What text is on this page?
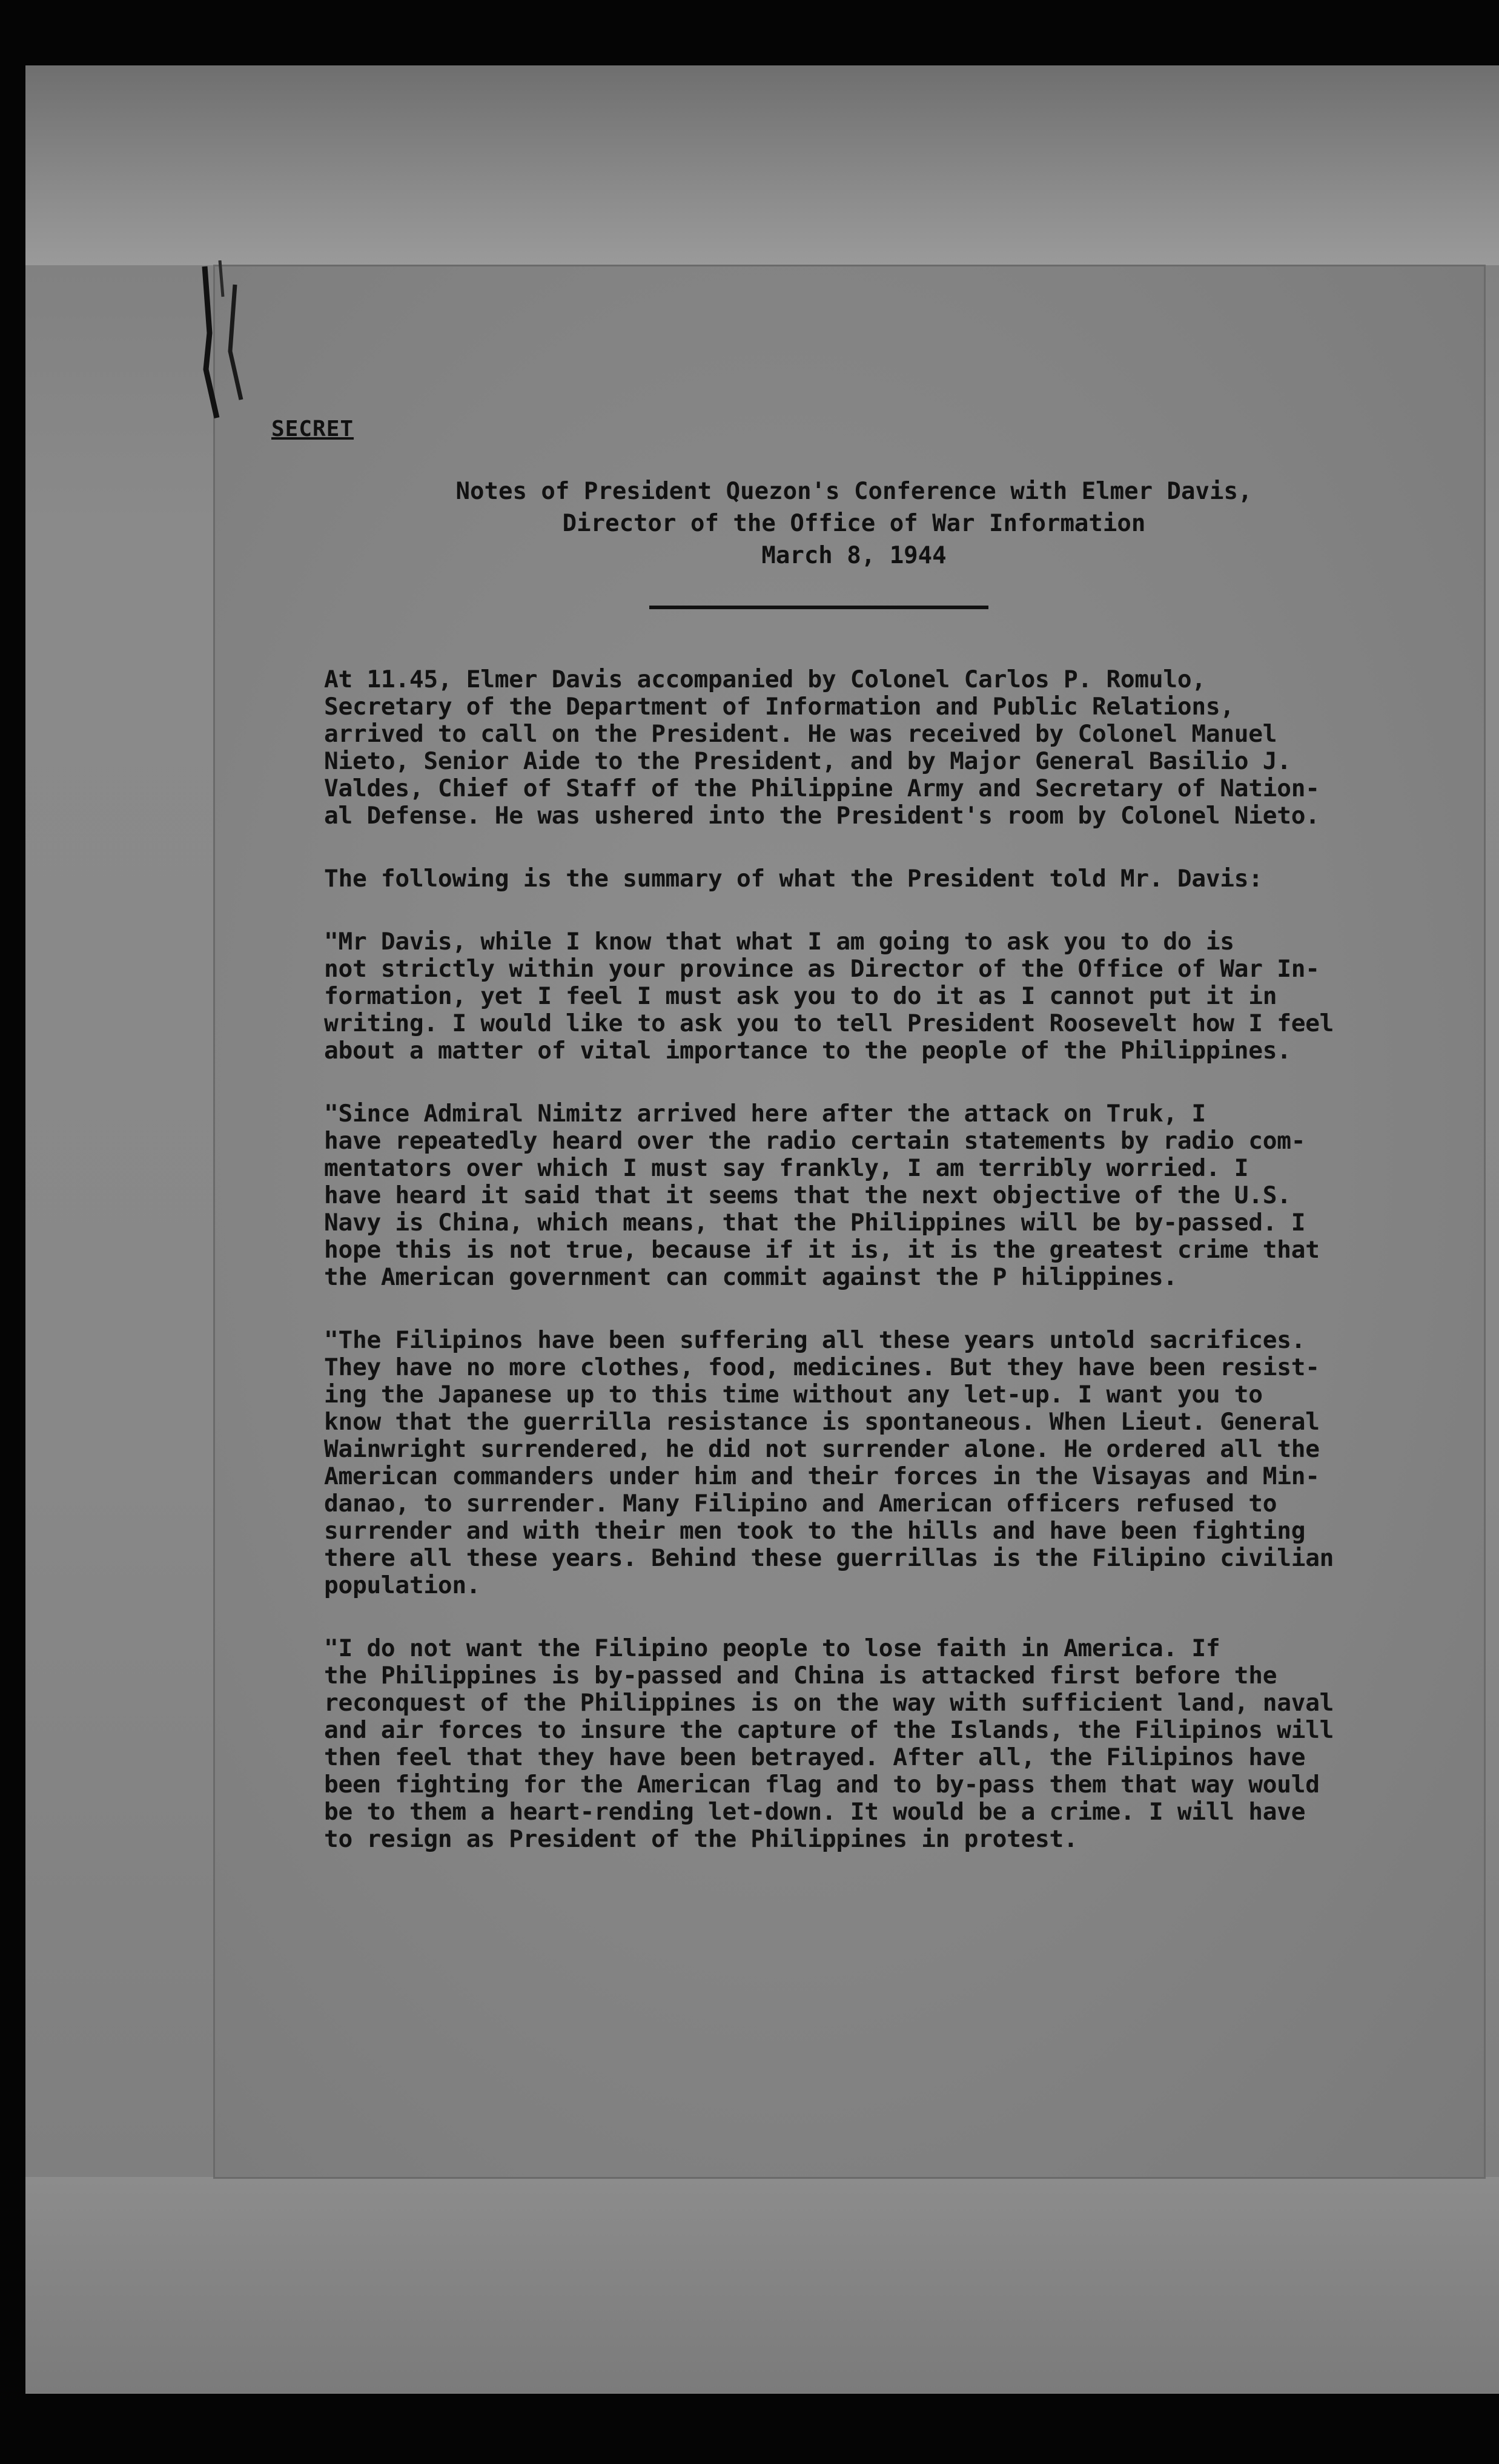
SECRET
Notes of President Quezon's Conference with Elmer Davis,
Director of the Office of War Information
March 8, 1944

At 11.45, Elmer Davis accompanied by Colonel Carlos P. Romulo,
Secretary of the Department of Information and Public Relations,
arrived to call on the President. He was received by Colonel Manuel
Nieto, Senior Aide to the President, and by Major General Basilio J.
Valdes, Chief of Staff of the Philippine Army and Secretary of Nation-
al Defense. He was ushered into the President's room by Colonel Nieto.

The following is the summary of what the President told Mr. Davis:

"Mr Davis, while I know that what I am going to ask you to do is
not strictly within your province as Director of the Office of War In-
formation, yet I feel I must ask you to do it as I cannot put it in
writing. I would like to ask you to tell President Roosevelt how I feel
about a matter of vital importance to the people of the Philippines.

"Since Admiral Nimitz arrived here after the attack on Truk, I
have repeatedly heard over the radio certain statements by radio com-
mentators over which I must say frankly, I am terribly worried. I
have heard it said that it seems that the next objective of the U.S.
Navy is China, which means, that the Philippines will be by-passed. I
hope this is not true, because if it is, it is the greatest crime that
the American government can commit against the P hilippines.

"The Filipinos have been suffering all these years untold sacrifices.
They have no more clothes, food, medicines. But they have been resist-
ing the Japanese up to this time without any let-up. I want you to
know that the guerrilla resistance is spontaneous. When Lieut. General
Wainwright surrendered, he did not surrender alone. He ordered all the
American commanders under him and their forces in the Visayas and Min-
danao, to surrender. Many Filipino and American officers refused to
surrender and with their men took to the hills and have been fighting
there all these years. Behind these guerrillas is the Filipino civilian
population.

"I do not want the Filipino people to lose faith in America. If
the Philippines is by-passed and China is attacked first before the
reconquest of the Philippines is on the way with sufficient land, naval
and air forces to insure the capture of the Islands, the Filipinos will
then feel that they have been betrayed. After all, the Filipinos have
been fighting for the American flag and to by-pass them that way would
be to them a heart-rending let-down. It would be a crime. I will have
to resign as President of the Philippines in protest.
